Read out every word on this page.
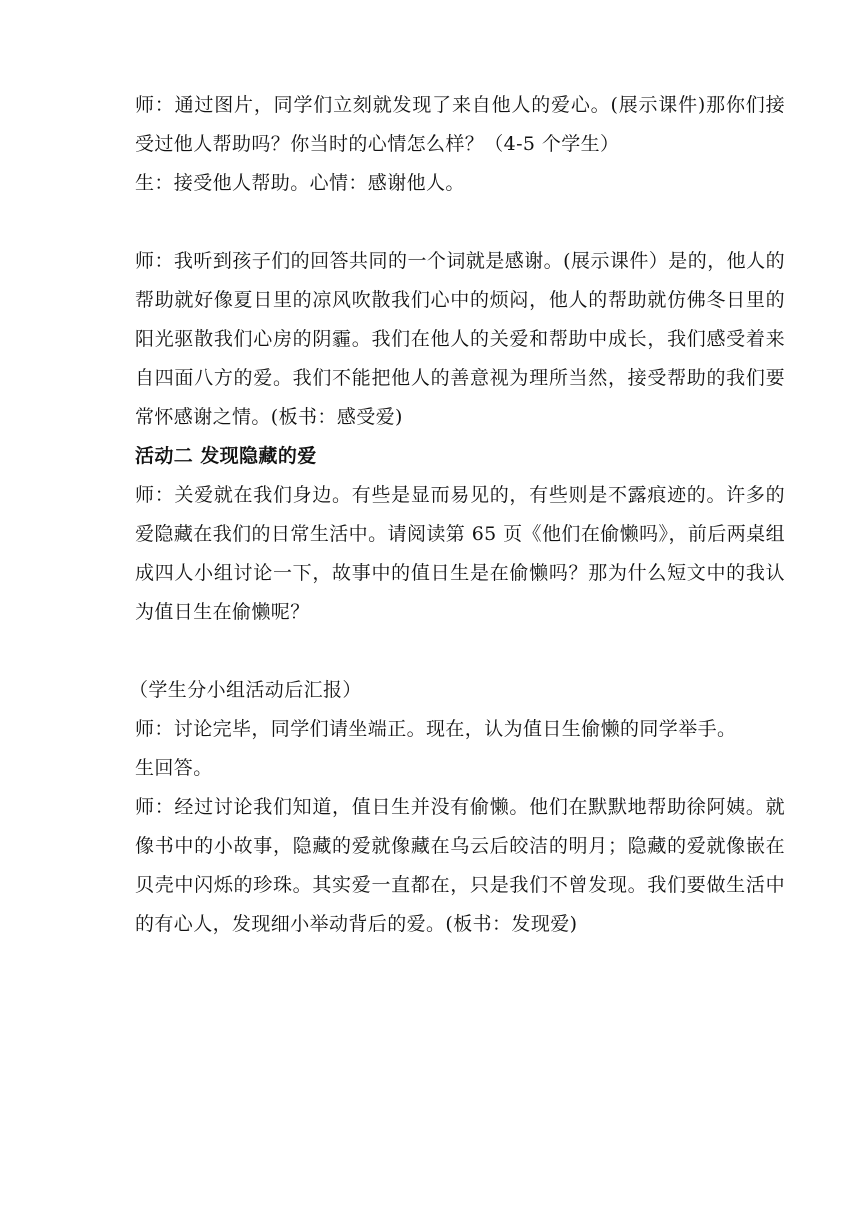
师：通过图片，同学们立刻就发现了来自他人的爱心。(展示课件)那你们接受过他人帮助吗？你当时的心情怎么样？（4-5 个学生）

生：接受他人帮助。心情：感谢他人。

师：我听到孩子们的回答共同的一个词就是感谢。(展示课件）是的，他人的帮助就好像夏日里的凉风吹散我们心中的烦闷，他人的帮助就仿佛冬日里的阳光驱散我们心房的阴霾。我们在他人的关爱和帮助中成长，我们感受着来自四面八方的爱。我们不能把他人的善意视为理所当然，接受帮助的我们要常怀感谢之情。(板书：感受爱)

活动二 发现隐藏的爱

师：关爱就在我们身边。有些是显而易见的，有些则是不露痕迹的。许多的爱隐藏在我们的日常生活中。请阅读第 65 页《他们在偷懒吗》，前后两桌组成四人小组讨论一下，故事中的值日生是在偷懒吗？那为什么短文中的我认为值日生在偷懒呢？

（学生分小组活动后汇报）

师：讨论完毕，同学们请坐端正。现在，认为值日生偷懒的同学举手。

生回答。

师：经过讨论我们知道，值日生并没有偷懒。他们在默默地帮助徐阿姨。就像书中的小故事，隐藏的爱就像藏在乌云后皎洁的明月；隐藏的爱就像嵌在贝壳中闪烁的珍珠。其实爱一直都在，只是我们不曾发现。我们要做生活中的有心人，发现细小举动背后的爱。(板书：发现爱)
